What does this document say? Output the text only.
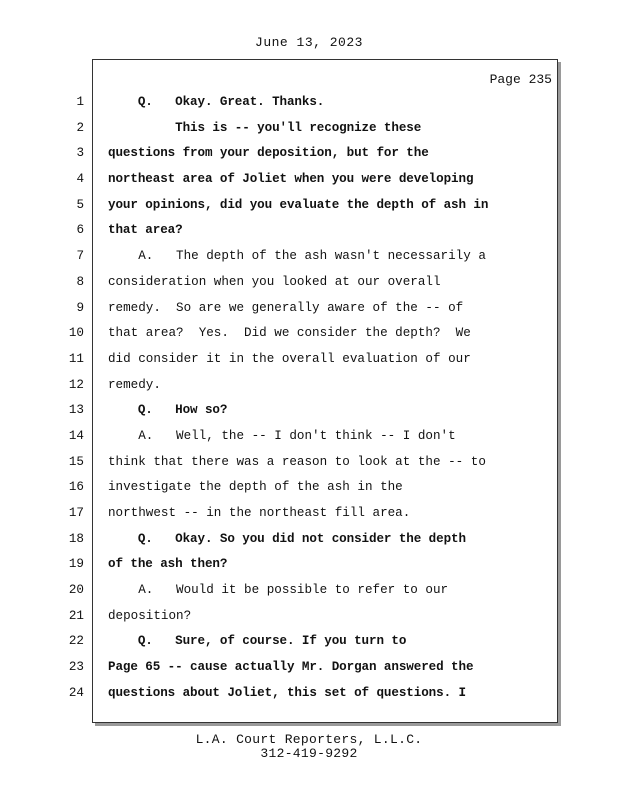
June 13, 2023
Page 235
1 Q.   Okay. Great. Thanks.
2 This is -- you'll recognize these
3 questions from your deposition, but for the
4 northeast area of Joliet when you were developing
5 your opinions, did you evaluate the depth of ash in
6 that area?
7 A.   The depth of the ash wasn't necessarily a
8 consideration when you looked at our overall
9 remedy.  So are we generally aware of the -- of
10 that area?  Yes.  Did we consider the depth?  We
11 did consider it in the overall evaluation of our
12 remedy.
13 Q.   How so?
14 A.   Well, the -- I don't think -- I don't
15 think that there was a reason to look at the -- to
16 investigate the depth of the ash in the
17 northwest -- in the northeast fill area.
18 Q.   Okay. So you did not consider the depth
19 of the ash then?
20 A.   Would it be possible to refer to our
21 deposition?
22 Q.   Sure, of course. If you turn to
23 Page 65 -- cause actually Mr. Dorgan answered the
24 questions about Joliet, this set of questions. I
L.A. Court Reporters, L.L.C.
312-419-9292
